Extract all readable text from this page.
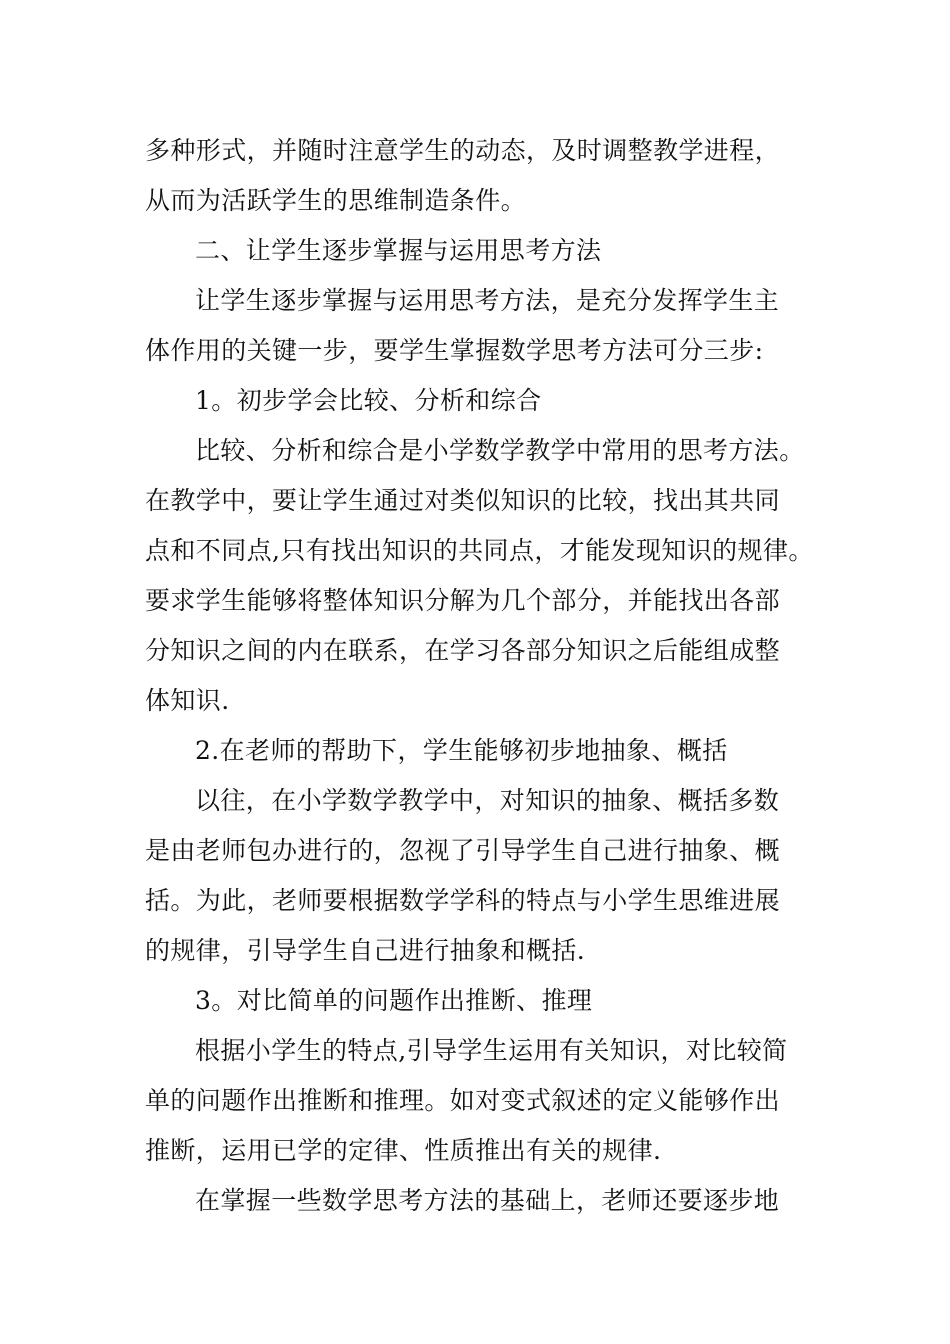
多种形式，并随时注意学生的动态，及时调整教学进程，
从而为活跃学生的思维制造条件。
二、让学生逐步掌握与运用思考方法
让学生逐步掌握与运用思考方法，是充分发挥学生主
体作用的关键一步，要学生掌握数学思考方法可分三步:
1。初步学会比较、分析和综合
比较、分析和综合是小学数学教学中常用的思考方法。
在教学中，要让学生通过对类似知识的比较，找出其共同
点和不同点,只有找出知识的共同点，才能发现知识的规律。
要求学生能够将整体知识分解为几个部分，并能找出各部
分知识之间的内在联系，在学习各部分知识之后能组成整
体知识.
2.在老师的帮助下，学生能够初步地抽象、概括
以往，在小学数学教学中，对知识的抽象、概括多数
是由老师包办进行的，忽视了引导学生自己进行抽象、概
括。为此，老师要根据数学学科的特点与小学生思维进展
的规律，引导学生自己进行抽象和概括.
3。对比简单的问题作出推断、推理
根据小学生的特点,引导学生运用有关知识，对比较简
单的问题作出推断和推理。如对变式叙述的定义能够作出
推断，运用已学的定律、性质推出有关的规律.
在掌握一些数学思考方法的基础上，老师还要逐步地
